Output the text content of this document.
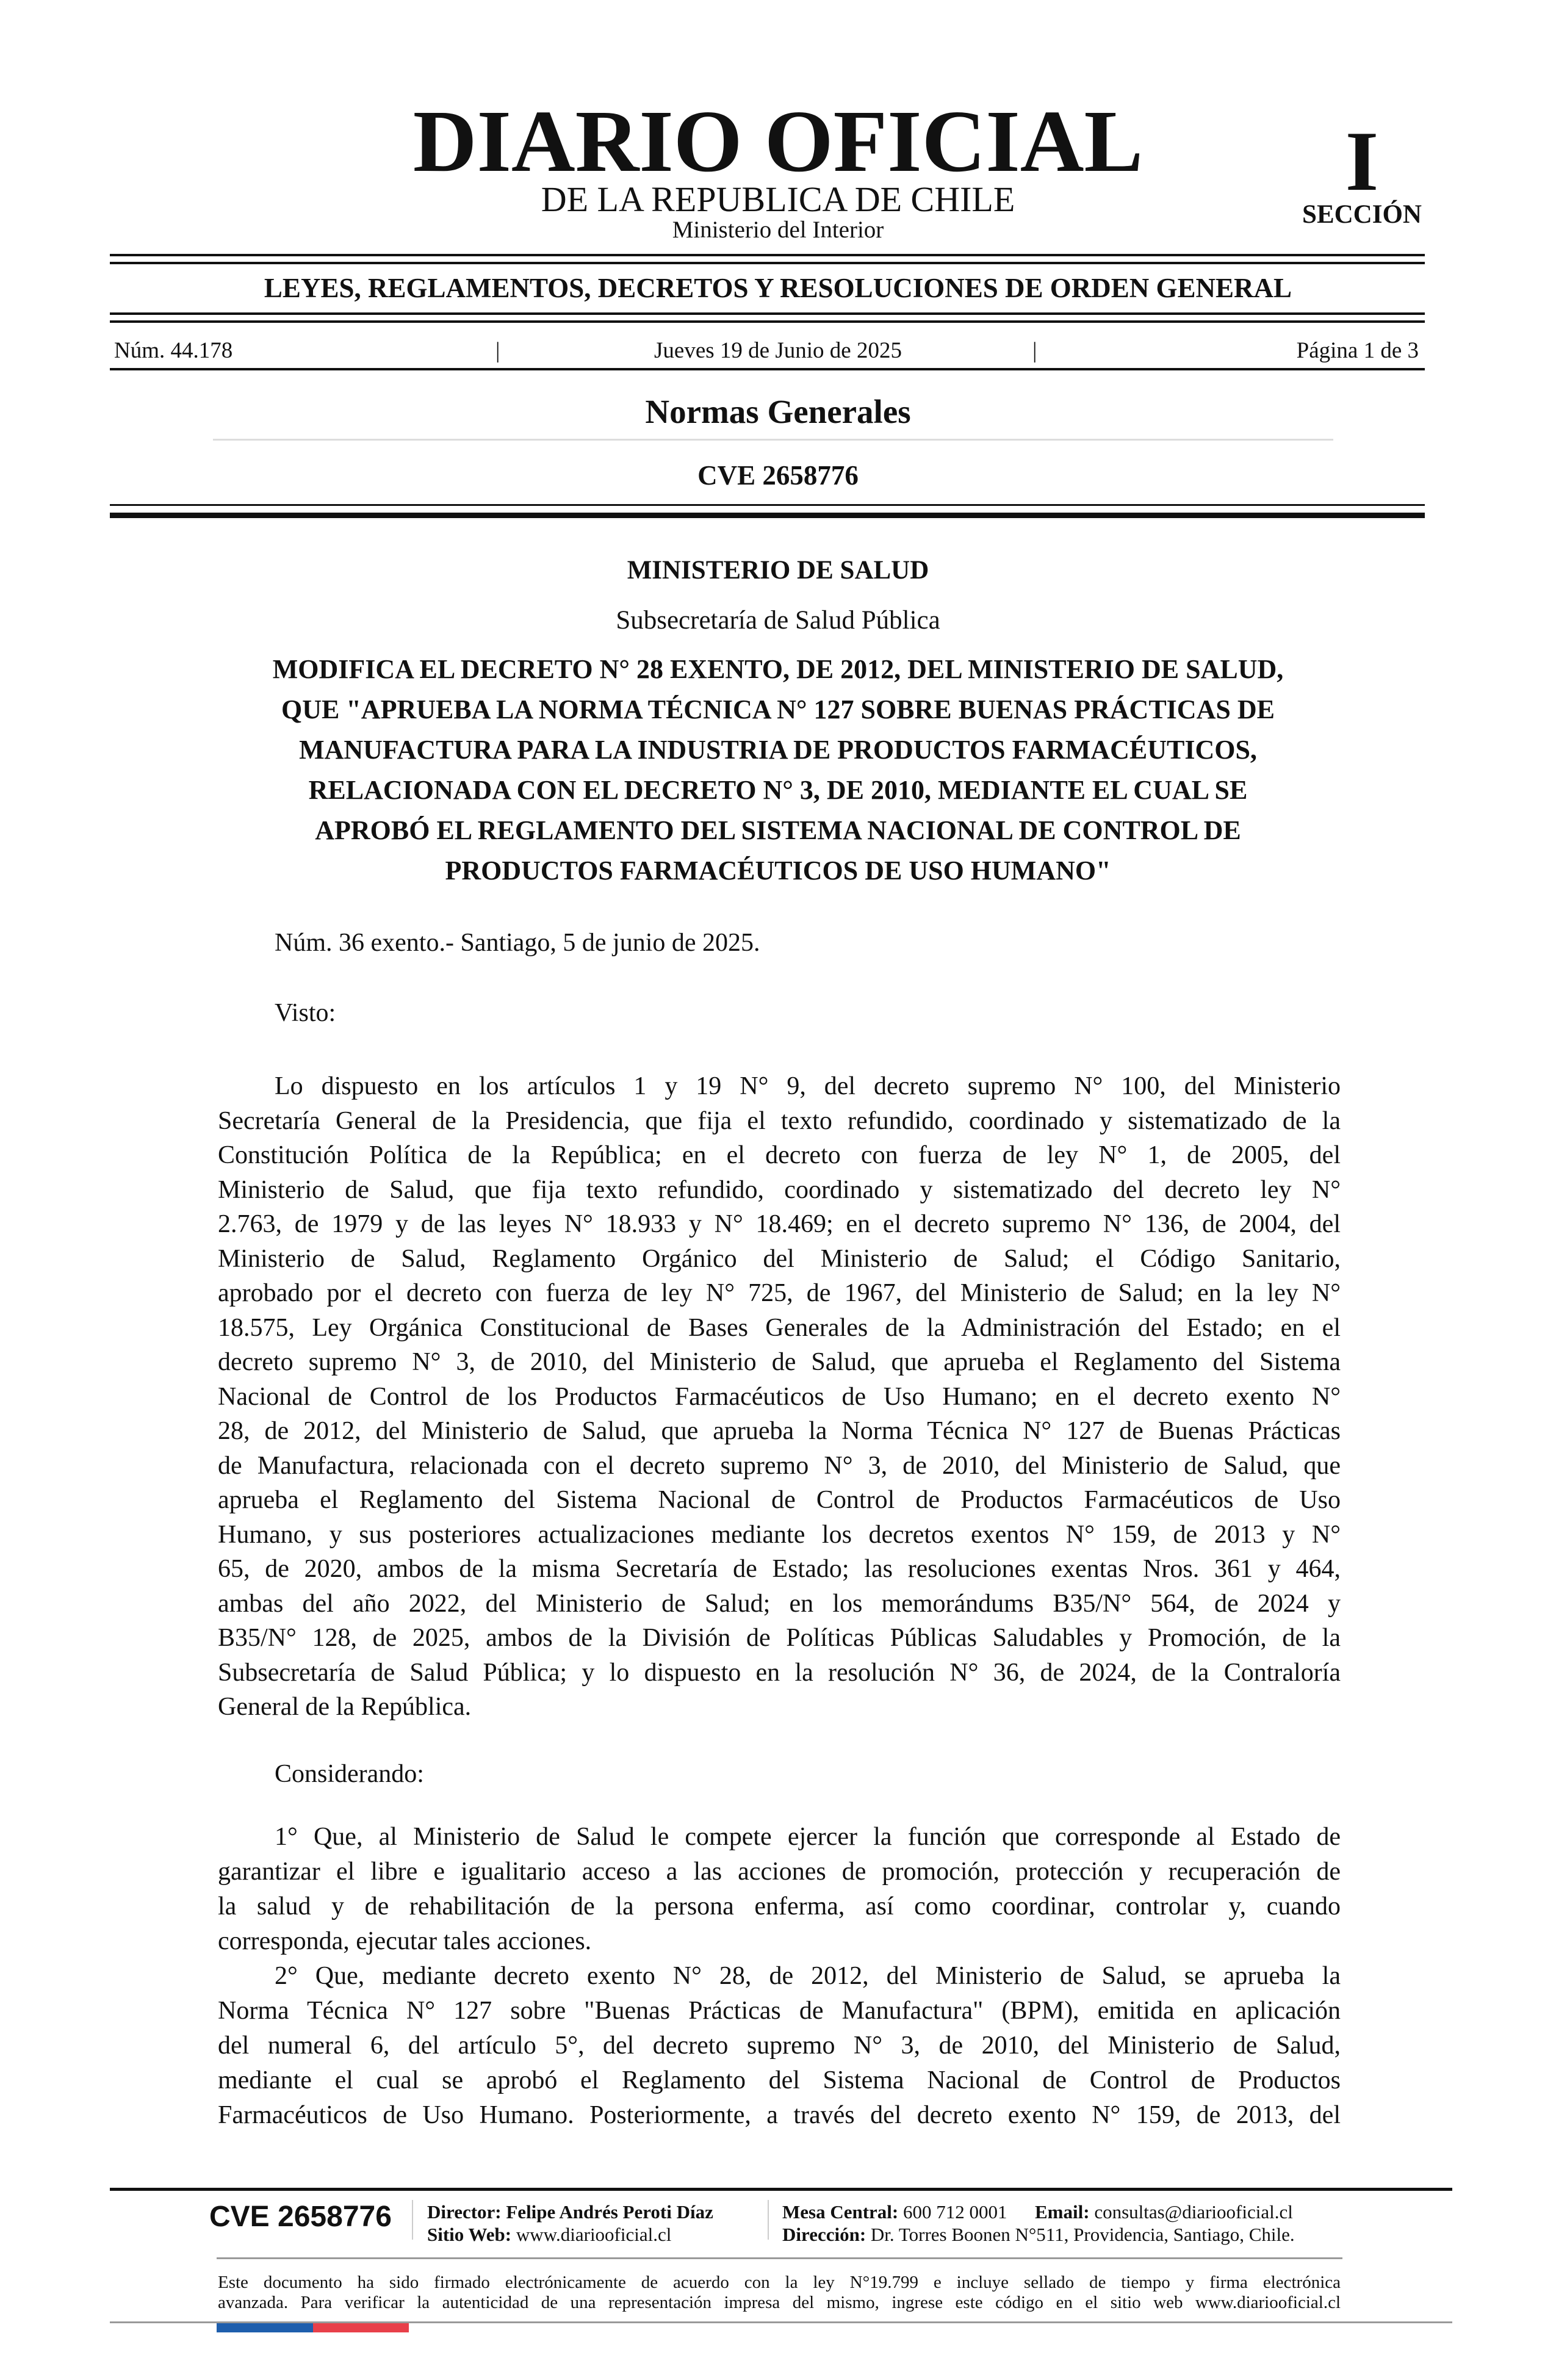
DIARIO OFICIAL
DE LA REPUBLICA DE CHILE
Ministerio del Interior
I
SECCIÓN
LEYES, REGLAMENTOS, DECRETOS Y RESOLUCIONES DE ORDEN GENERAL
Núm. 44.178	|	Jueves 19 de Junio de 2025	|	Página 1 de 3
Normas Generales
CVE 2658776
MINISTERIO DE SALUD
Subsecretaría de Salud Pública
MODIFICA EL DECRETO N° 28 EXENTO, DE 2012, DEL MINISTERIO DE SALUD,
QUE "APRUEBA LA NORMA TÉCNICA N° 127 SOBRE BUENAS PRÁCTICAS DE
MANUFACTURA PARA LA INDUSTRIA DE PRODUCTOS FARMACÉUTICOS,
RELACIONADA CON EL DECRETO N° 3, DE 2010, MEDIANTE EL CUAL SE
APROBÓ EL REGLAMENTO DEL SISTEMA NACIONAL DE CONTROL DE
PRODUCTOS FARMACÉUTICOS DE USO HUMANO"
Núm. 36 exento.- Santiago, 5 de junio de 2025.
Visto:
Lo dispuesto en los artículos 1 y 19 N° 9, del decreto supremo N° 100, del Ministerio
Secretaría General de la Presidencia, que fija el texto refundido, coordinado y sistematizado de la
Constitución Política de la República; en el decreto con fuerza de ley N° 1, de 2005, del
Ministerio de Salud, que fija texto refundido, coordinado y sistematizado del decreto ley N°
2.763, de 1979 y de las leyes N° 18.933 y N° 18.469; en el decreto supremo N° 136, de 2004, del
Ministerio de Salud, Reglamento Orgánico del Ministerio de Salud; el Código Sanitario,
aprobado por el decreto con fuerza de ley N° 725, de 1967, del Ministerio de Salud; en la ley N°
18.575, Ley Orgánica Constitucional de Bases Generales de la Administración del Estado; en el
decreto supremo N° 3, de 2010, del Ministerio de Salud, que aprueba el Reglamento del Sistema
Nacional de Control de los Productos Farmacéuticos de Uso Humano; en el decreto exento N°
28, de 2012, del Ministerio de Salud, que aprueba la Norma Técnica N° 127 de Buenas Prácticas
de Manufactura, relacionada con el decreto supremo N° 3, de 2010, del Ministerio de Salud, que
aprueba el Reglamento del Sistema Nacional de Control de Productos Farmacéuticos de Uso
Humano, y sus posteriores actualizaciones mediante los decretos exentos N° 159, de 2013 y N°
65, de 2020, ambos de la misma Secretaría de Estado; las resoluciones exentas Nros. 361 y 464,
ambas del año 2022, del Ministerio de Salud; en los memorándums B35/N° 564, de 2024 y
B35/N° 128, de 2025, ambos de la División de Políticas Públicas Saludables y Promoción, de la
Subsecretaría de Salud Pública; y lo dispuesto en la resolución N° 36, de 2024, de la Contraloría
General de la República.
Considerando:
1° Que, al Ministerio de Salud le compete ejercer la función que corresponde al Estado de
garantizar el libre e igualitario acceso a las acciones de promoción, protección y recuperación de
la salud y de rehabilitación de la persona enferma, así como coordinar, controlar y, cuando
corresponda, ejecutar tales acciones.
2° Que, mediante decreto exento N° 28, de 2012, del Ministerio de Salud, se aprueba la
Norma Técnica N° 127 sobre "Buenas Prácticas de Manufactura" (BPM), emitida en aplicación
del numeral 6, del artículo 5°, del decreto supremo N° 3, de 2010, del Ministerio de Salud,
mediante el cual se aprobó el Reglamento del Sistema Nacional de Control de Productos
Farmacéuticos de Uso Humano. Posteriormente, a través del decreto exento N° 159, de 2013, del
CVE 2658776 Director: Felipe Andrés Peroti Díaz
Sitio Web: www.diariooficial.cl
Mesa Central: 600 712 0001 Email: consultas@diariooficial.cl
Dirección: Dr. Torres Boonen N°511, Providencia, Santiago, Chile.
Este documento ha sido firmado electrónicamente de acuerdo con la ley N°19.799 e incluye sellado de tiempo y firma electrónica
avanzada. Para verificar la autenticidad de una representación impresa del mismo, ingrese este código en el sitio web www.diariooficial.cl
